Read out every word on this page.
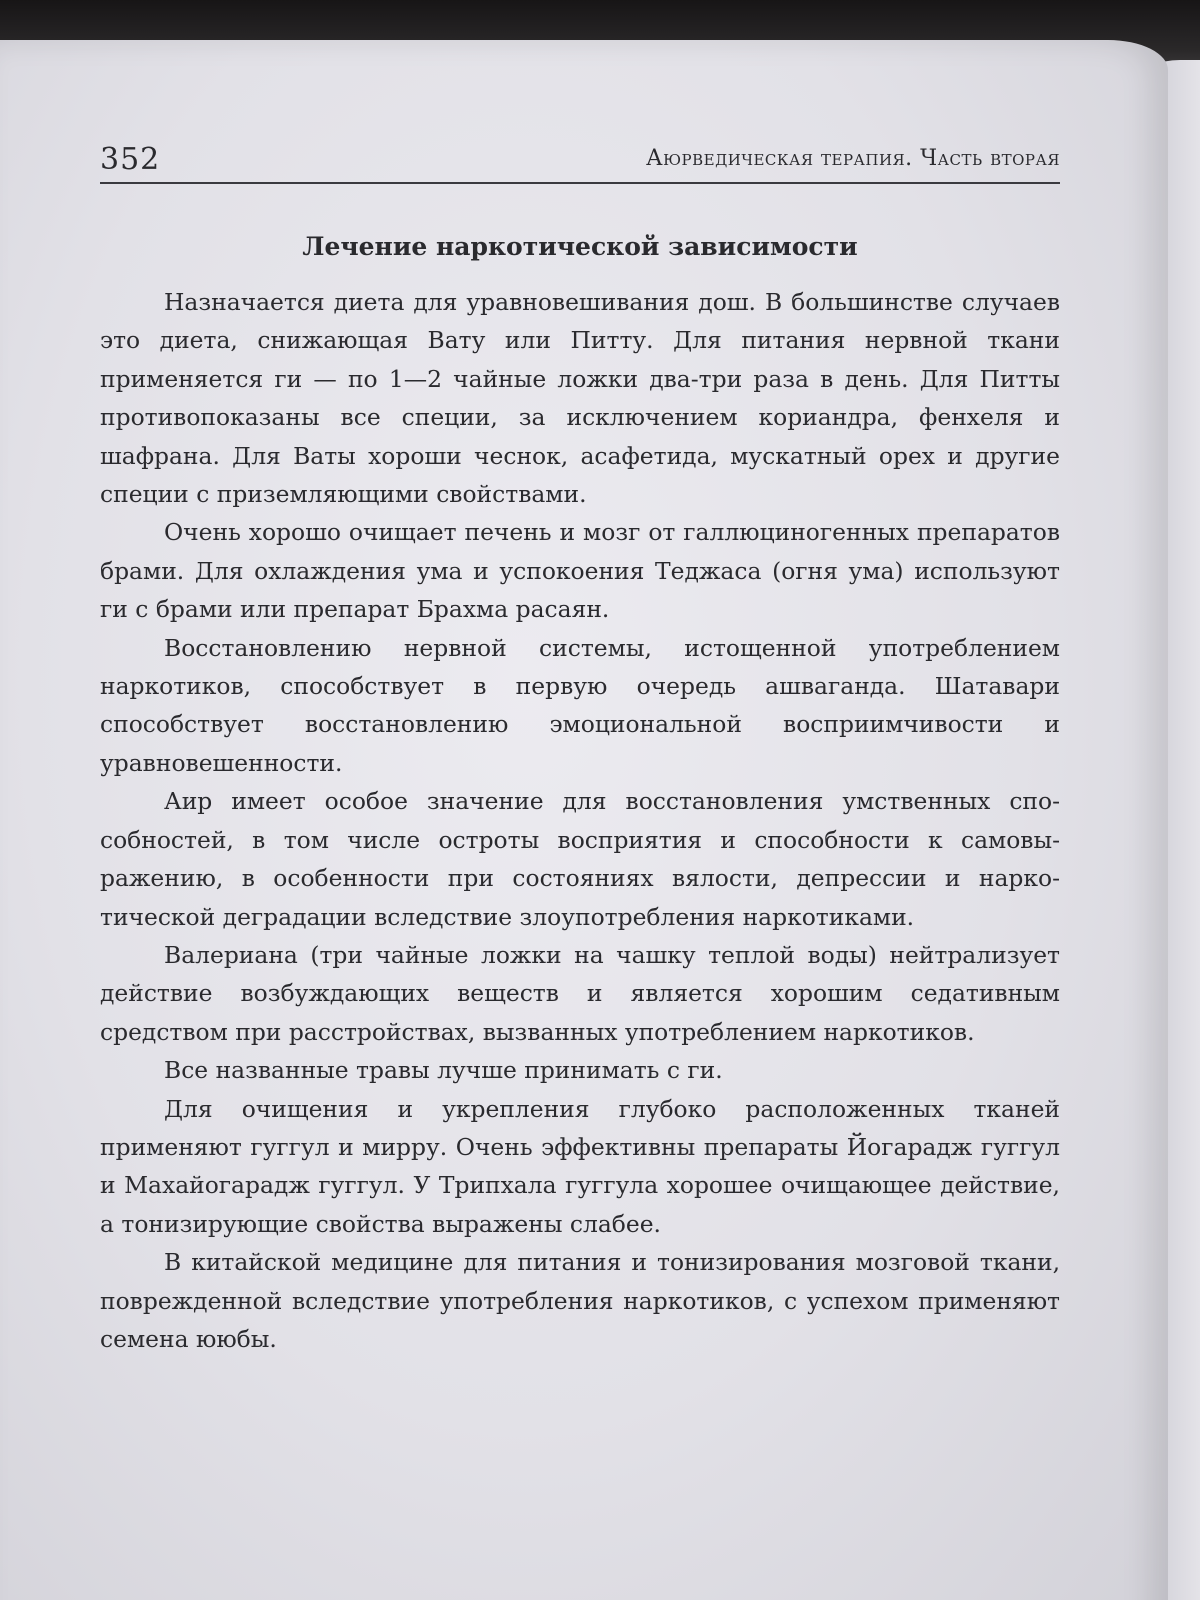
352	Аюрведическая терапия. Часть вторая
Лечение наркотической зависимости

Назначается диета для уравновешивания дош. В большинстве случаев это диета, снижающая Вату или Питту. Для питания нервной ткани применяется ги — по 1—2 чайные ложки два-три раза в день. Для Питты противопоказаны все специи, за исключением кориандра, фенхеля и шафрана. Для Ваты хороши чеснок, асафетида, мускатный орех и другие специи с приземляющими свойствами.

Очень хорошо очищает печень и мозг от галлюциногенных препаратов брами. Для охлаждения ума и успокоения Теджаса (огня ума) используют ги с брами или препарат Брахма расаян.

Восстановлению нервной системы, истощенной употреблением наркотиков, способствует в первую очередь ашваганда. Шатавари способствует восстановлению эмоциональной восприимчивости и уравновешенности.

Аир имеет особое значение для восстановления умственных способностей, в том числе остроты восприятия и способности к самовыражению, в особенности при состояниях вялости, депрессии и наркотической деградации вследствие злоупотребления наркотиками.

Валериана (три чайные ложки на чашку теплой воды) нейтрализует действие возбуждающих веществ и является хорошим седативным средством при расстройствах, вызванных употреблением наркотиков.

Все названные травы лучше принимать с ги.

Для очищения и укрепления глубоко расположенных тканей применяют гуггул и мирру. Очень эффективны препараты Йогарадж гуггул и Махайогарадж гуггул. У Трипхала гуггула хорошее очищающее действие, а тонизирующие свойства выражены слабее.

В китайской медицине для питания и тонизирования мозговой ткани, поврежденной вследствие употребления наркотиков, с успехом применяют семена ююбы.
